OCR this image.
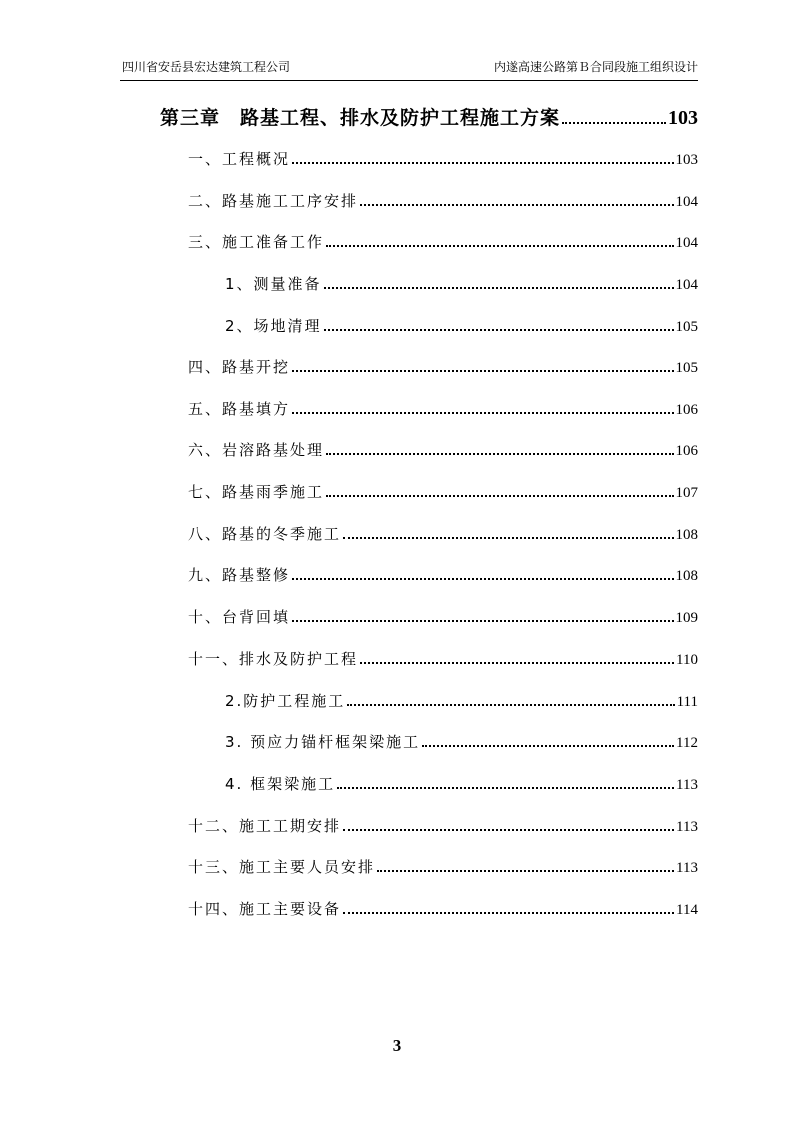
四川省安岳县宏达建筑工程公司	内遂高速公路第Ｂ合同段施工组织设计
第三章　路基工程、排水及防护工程施工方案	103
一、工程概况	103
二、路基施工工序安排	104
三、施工准备工作	104
1、测量准备	104
2、场地清理	105
四、路基开挖	105
五、路基填方	106
六、岩溶路基处理	106
七、路基雨季施工	107
八、路基的冬季施工	108
九、路基整修	108
十、台背回填	109
十一、排水及防护工程	110
2.防护工程施工	111
3. 预应力锚杆框架梁施工	112
4. 框架梁施工	113
十二、施工工期安排	113
十三、施工主要人员安排	113
十四、施工主要设备	114
3
